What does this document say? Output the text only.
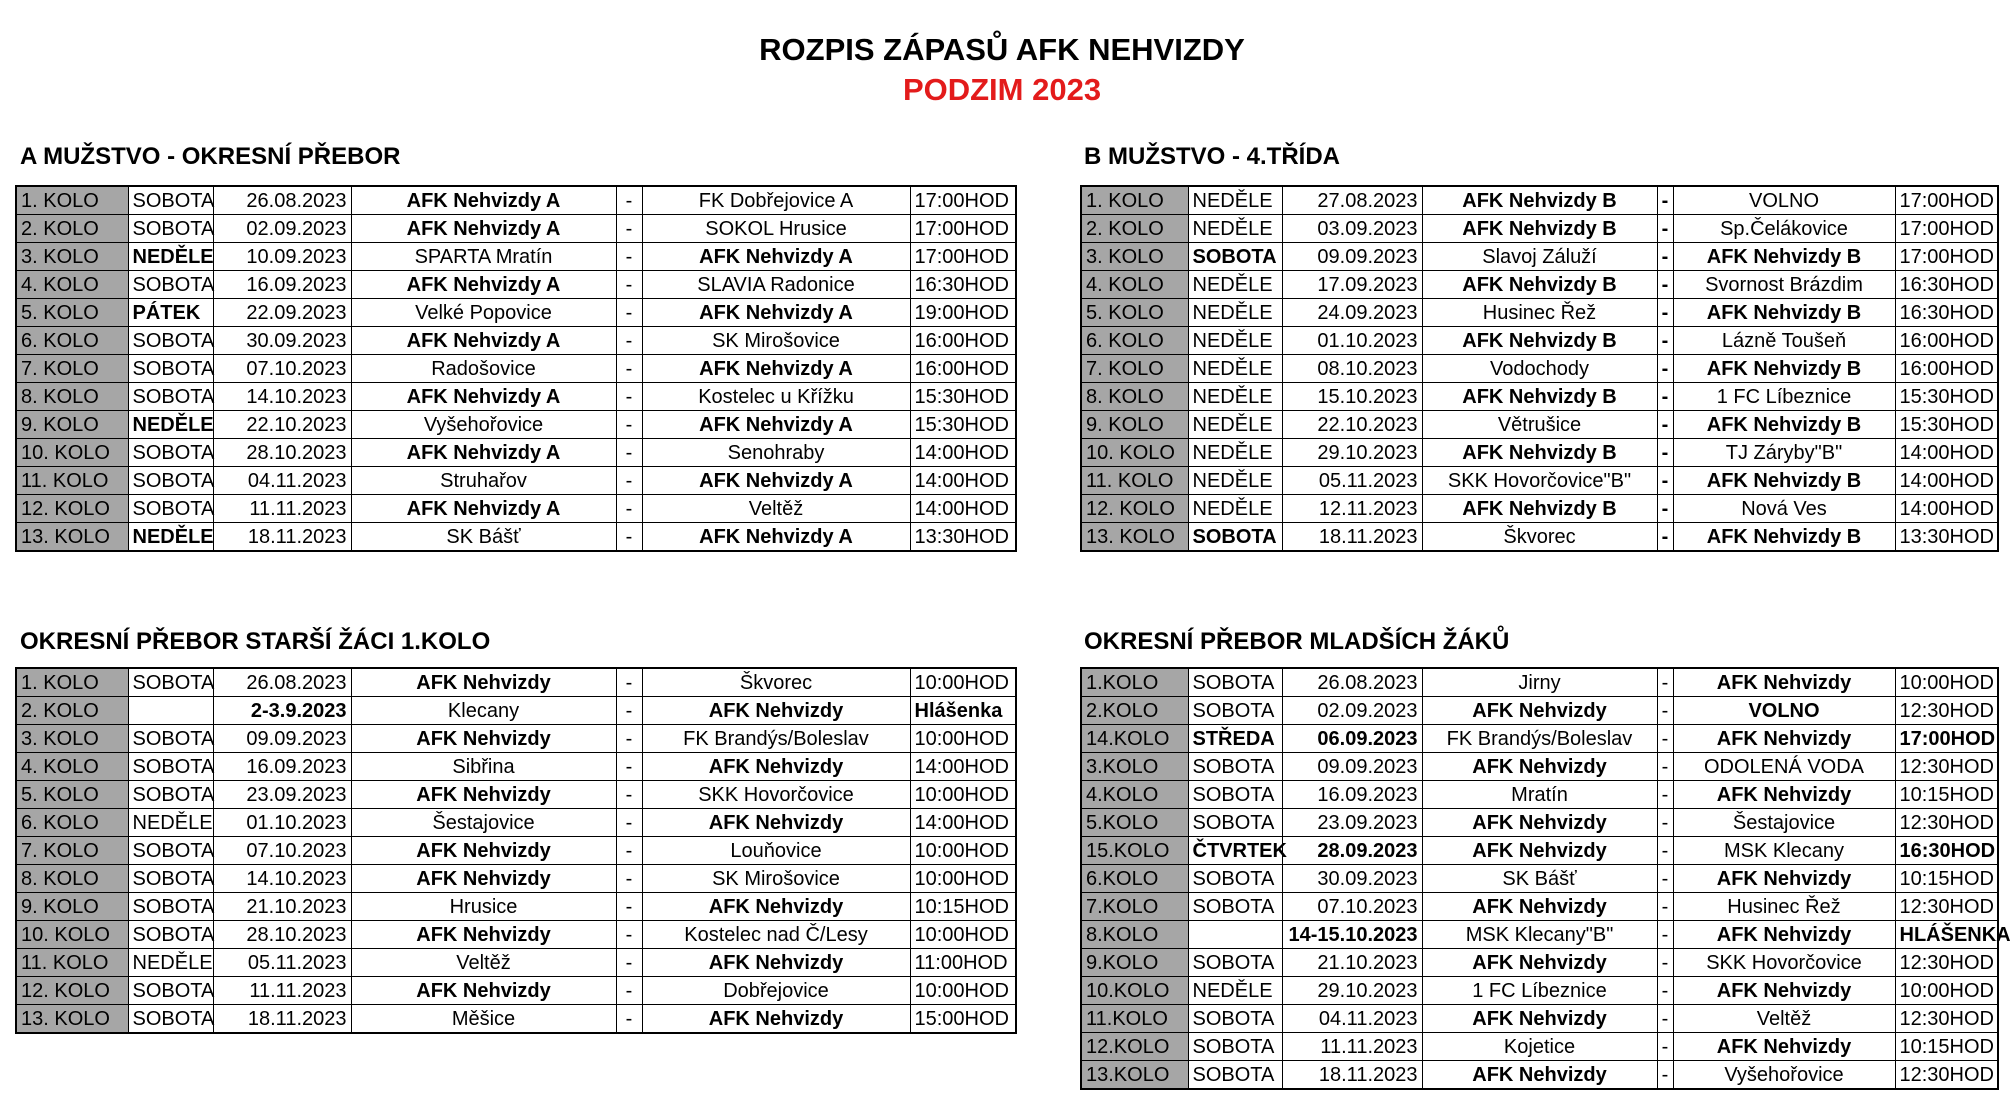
ROZPIS ZÁPASŮ AFK NEHVIZDY
PODZIM 2023
A MUŽSTVO - OKRESNÍ PŘEBOR
1. KOLO	SOBOTA	26.08.2023	AFK Nehvizdy A	-	FK Dobřejovice A	17:00HOD
2. KOLO	SOBOTA	02.09.2023	AFK Nehvizdy A	-	SOKOL Hrusice	17:00HOD
3. KOLO	NEDĚLE	10.09.2023	SPARTA Mratín	-	AFK Nehvizdy A	17:00HOD
4. KOLO	SOBOTA	16.09.2023	AFK Nehvizdy A	-	SLAVIA Radonice	16:30HOD
5. KOLO	PÁTEK	22.09.2023	Velké Popovice	-	AFK Nehvizdy A	19:00HOD
6. KOLO	SOBOTA	30.09.2023	AFK Nehvizdy A	-	SK Mirošovice	16:00HOD
7. KOLO	SOBOTA	07.10.2023	Radošovice	-	AFK Nehvizdy A	16:00HOD
8. KOLO	SOBOTA	14.10.2023	AFK Nehvizdy A	-	Kostelec u Křížku	15:30HOD
9. KOLO	NEDĚLE	22.10.2023	Vyšehořovice	-	AFK Nehvizdy A	15:30HOD
10. KOLO	SOBOTA	28.10.2023	AFK Nehvizdy A	-	Senohraby	14:00HOD
11. KOLO	SOBOTA	04.11.2023	Struhařov	-	AFK Nehvizdy A	14:00HOD
12. KOLO	SOBOTA	11.11.2023	AFK Nehvizdy A	-	Veltěž	14:00HOD
13. KOLO	NEDĚLE	18.11.2023	SK Bášť	-	AFK Nehvizdy A	13:30HOD
B MUŽSTVO - 4.TŘÍDA
1. KOLO	NEDĚLE	27.08.2023	AFK Nehvizdy B	-	VOLNO	17:00HOD
2. KOLO	NEDĚLE	03.09.2023	AFK Nehvizdy B	-	Sp.Čelákovice	17:00HOD
3. KOLO	SOBOTA	09.09.2023	Slavoj Záluží	-	AFK Nehvizdy B	17:00HOD
4. KOLO	NEDĚLE	17.09.2023	AFK Nehvizdy B	-	Svornost Brázdim	16:30HOD
5. KOLO	NEDĚLE	24.09.2023	Husinec Řež	-	AFK Nehvizdy B	16:30HOD
6. KOLO	NEDĚLE	01.10.2023	AFK Nehvizdy B	-	Lázně Toušeň	16:00HOD
7. KOLO	NEDĚLE	08.10.2023	Vodochody	-	AFK Nehvizdy B	16:00HOD
8. KOLO	NEDĚLE	15.10.2023	AFK Nehvizdy B	-	1 FC Líbeznice	15:30HOD
9. KOLO	NEDĚLE	22.10.2023	Větrušice	-	AFK Nehvizdy B	15:30HOD
10. KOLO	NEDĚLE	29.10.2023	AFK Nehvizdy B	-	TJ Záryby"B"	14:00HOD
11. KOLO	NEDĚLE	05.11.2023	SKK Hovorčovice"B"	-	AFK Nehvizdy B	14:00HOD
12. KOLO	NEDĚLE	12.11.2023	AFK Nehvizdy B	-	Nová Ves	14:00HOD
13. KOLO	SOBOTA	18.11.2023	Škvorec	-	AFK Nehvizdy B	13:30HOD
OKRESNÍ PŘEBOR STARŠÍ ŽÁCI 1.KOLO
1. KOLO	SOBOTA	26.08.2023	AFK Nehvizdy	-	Škvorec	10:00HOD
2. KOLO		2-3.9.2023	Klecany	-	AFK Nehvizdy	Hlášenka
3. KOLO	SOBOTA	09.09.2023	AFK Nehvizdy	-	FK Brandýs/Boleslav	10:00HOD
4. KOLO	SOBOTA	16.09.2023	Sibřina	-	AFK Nehvizdy	14:00HOD
5. KOLO	SOBOTA	23.09.2023	AFK Nehvizdy	-	SKK Hovorčovice	10:00HOD
6. KOLO	NEDĚLE	01.10.2023	Šestajovice	-	AFK Nehvizdy	14:00HOD
7. KOLO	SOBOTA	07.10.2023	AFK Nehvizdy	-	Louňovice	10:00HOD
8. KOLO	SOBOTA	14.10.2023	AFK Nehvizdy	-	SK Mirošovice	10:00HOD
9. KOLO	SOBOTA	21.10.2023	Hrusice	-	AFK Nehvizdy	10:15HOD
10. KOLO	SOBOTA	28.10.2023	AFK Nehvizdy	-	Kostelec nad Č/Lesy	10:00HOD
11. KOLO	NEDĚLE	05.11.2023	Veltěž	-	AFK Nehvizdy	11:00HOD
12. KOLO	SOBOTA	11.11.2023	AFK Nehvizdy	-	Dobřejovice	10:00HOD
13. KOLO	SOBOTA	18.11.2023	Měšice	-	AFK Nehvizdy	15:00HOD
OKRESNÍ PŘEBOR MLADŠÍCH ŽÁKŮ
1.KOLO	SOBOTA	26.08.2023	Jirny	-	AFK Nehvizdy	10:00HOD
2.KOLO	SOBOTA	02.09.2023	AFK Nehvizdy	-	VOLNO	12:30HOD
14.KOLO	STŘEDA	06.09.2023	FK Brandýs/Boleslav	-	AFK Nehvizdy	17:00HOD
3.KOLO	SOBOTA	09.09.2023	AFK Nehvizdy	-	ODOLENÁ VODA	12:30HOD
4.KOLO	SOBOTA	16.09.2023	Mratín	-	AFK Nehvizdy	10:15HOD
5.KOLO	SOBOTA	23.09.2023	AFK Nehvizdy	-	Šestajovice	12:30HOD
15.KOLO	ČTVRTEK	28.09.2023	AFK Nehvizdy	-	MSK Klecany	16:30HOD
6.KOLO	SOBOTA	30.09.2023	SK Bášť	-	AFK Nehvizdy	10:15HOD
7.KOLO	SOBOTA	07.10.2023	AFK Nehvizdy	-	Husinec Řež	12:30HOD
8.KOLO		14-15.10.2023	MSK Klecany"B"	-	AFK Nehvizdy	HLÁŠENKA
9.KOLO	SOBOTA	21.10.2023	AFK Nehvizdy	-	SKK Hovorčovice	12:30HOD
10.KOLO	NEDĚLE	29.10.2023	1 FC Líbeznice	-	AFK Nehvizdy	10:00HOD
11.KOLO	SOBOTA	04.11.2023	AFK Nehvizdy	-	Veltěž	12:30HOD
12.KOLO	SOBOTA	11.11.2023	Kojetice	-	AFK Nehvizdy	10:15HOD
13.KOLO	SOBOTA	18.11.2023	AFK Nehvizdy	-	Vyšehořovice	12:30HOD
